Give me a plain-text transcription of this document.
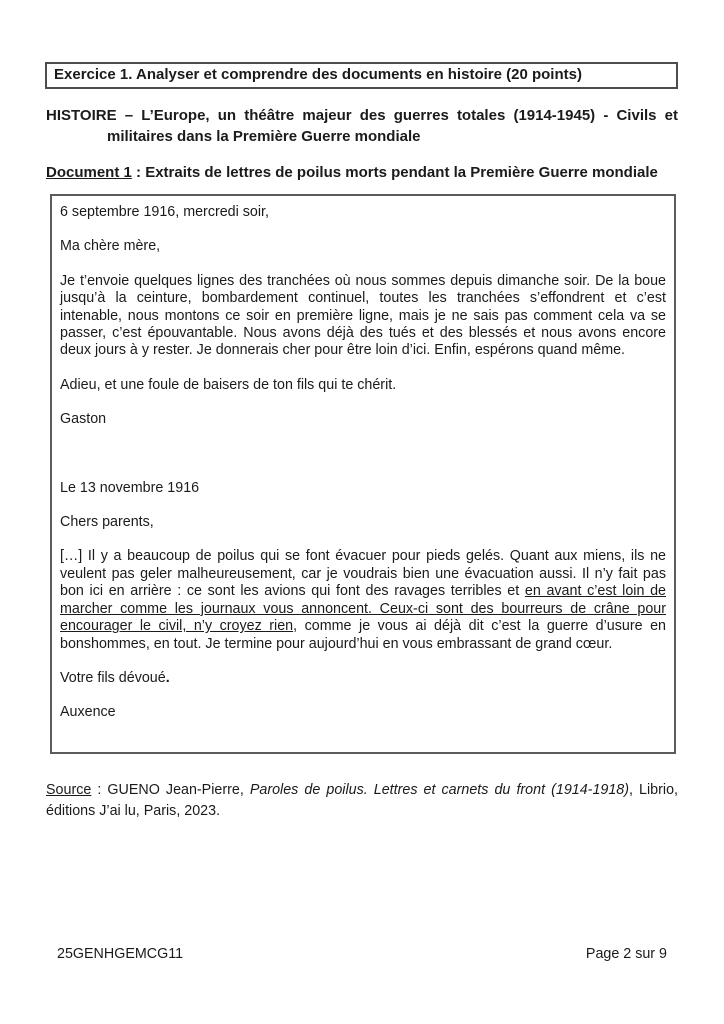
Exercice 1. Analyser et comprendre des documents en histoire (20 points)

HISTOIRE – L’Europe, un théâtre majeur des guerres totales (1914-1945) - Civils et militaires dans la Première Guerre mondiale

Document 1 : Extraits de lettres de poilus morts pendant la Première Guerre mondiale

6 septembre 1916, mercredi soir,

Ma chère mère,

Je t’envoie quelques lignes des tranchées où nous sommes depuis dimanche soir. De la boue jusqu’à la ceinture, bombardement continuel, toutes les tranchées s’effondrent et c’est intenable, nous montons ce soir en première ligne, mais je ne sais pas comment cela va se passer, c’est épouvantable. Nous avons déjà des tués et des blessés et nous avons encore deux jours à y rester. Je donnerais cher pour être loin d’ici. Enfin, espérons quand même.

Adieu, et une foule de baisers de ton fils qui te chérit.

Gaston

Le 13 novembre 1916

Chers parents,

[…] Il y a beaucoup de poilus qui se font évacuer pour pieds gelés. Quant aux miens, ils ne veulent pas geler malheureusement, car je voudrais bien une évacuation aussi. Il n’y fait pas bon ici en arrière : ce sont les avions qui font des ravages terribles et en avant c’est loin de marcher comme les journaux vous annoncent. Ceux-ci sont des bourreurs de crâne pour encourager le civil, n’y croyez rien, comme je vous ai déjà dit c’est la guerre d’usure en bonshommes, en tout. Je termine pour aujourd’hui en vous embrassant de grand cœur.

Votre fils dévoué.

Auxence

Source : GUENO Jean-Pierre, Paroles de poilus. Lettres et carnets du front (1914-1918), Librio, éditions J’ai lu, Paris, 2023.

25GENHGEMCG11	Page 2 sur 9
